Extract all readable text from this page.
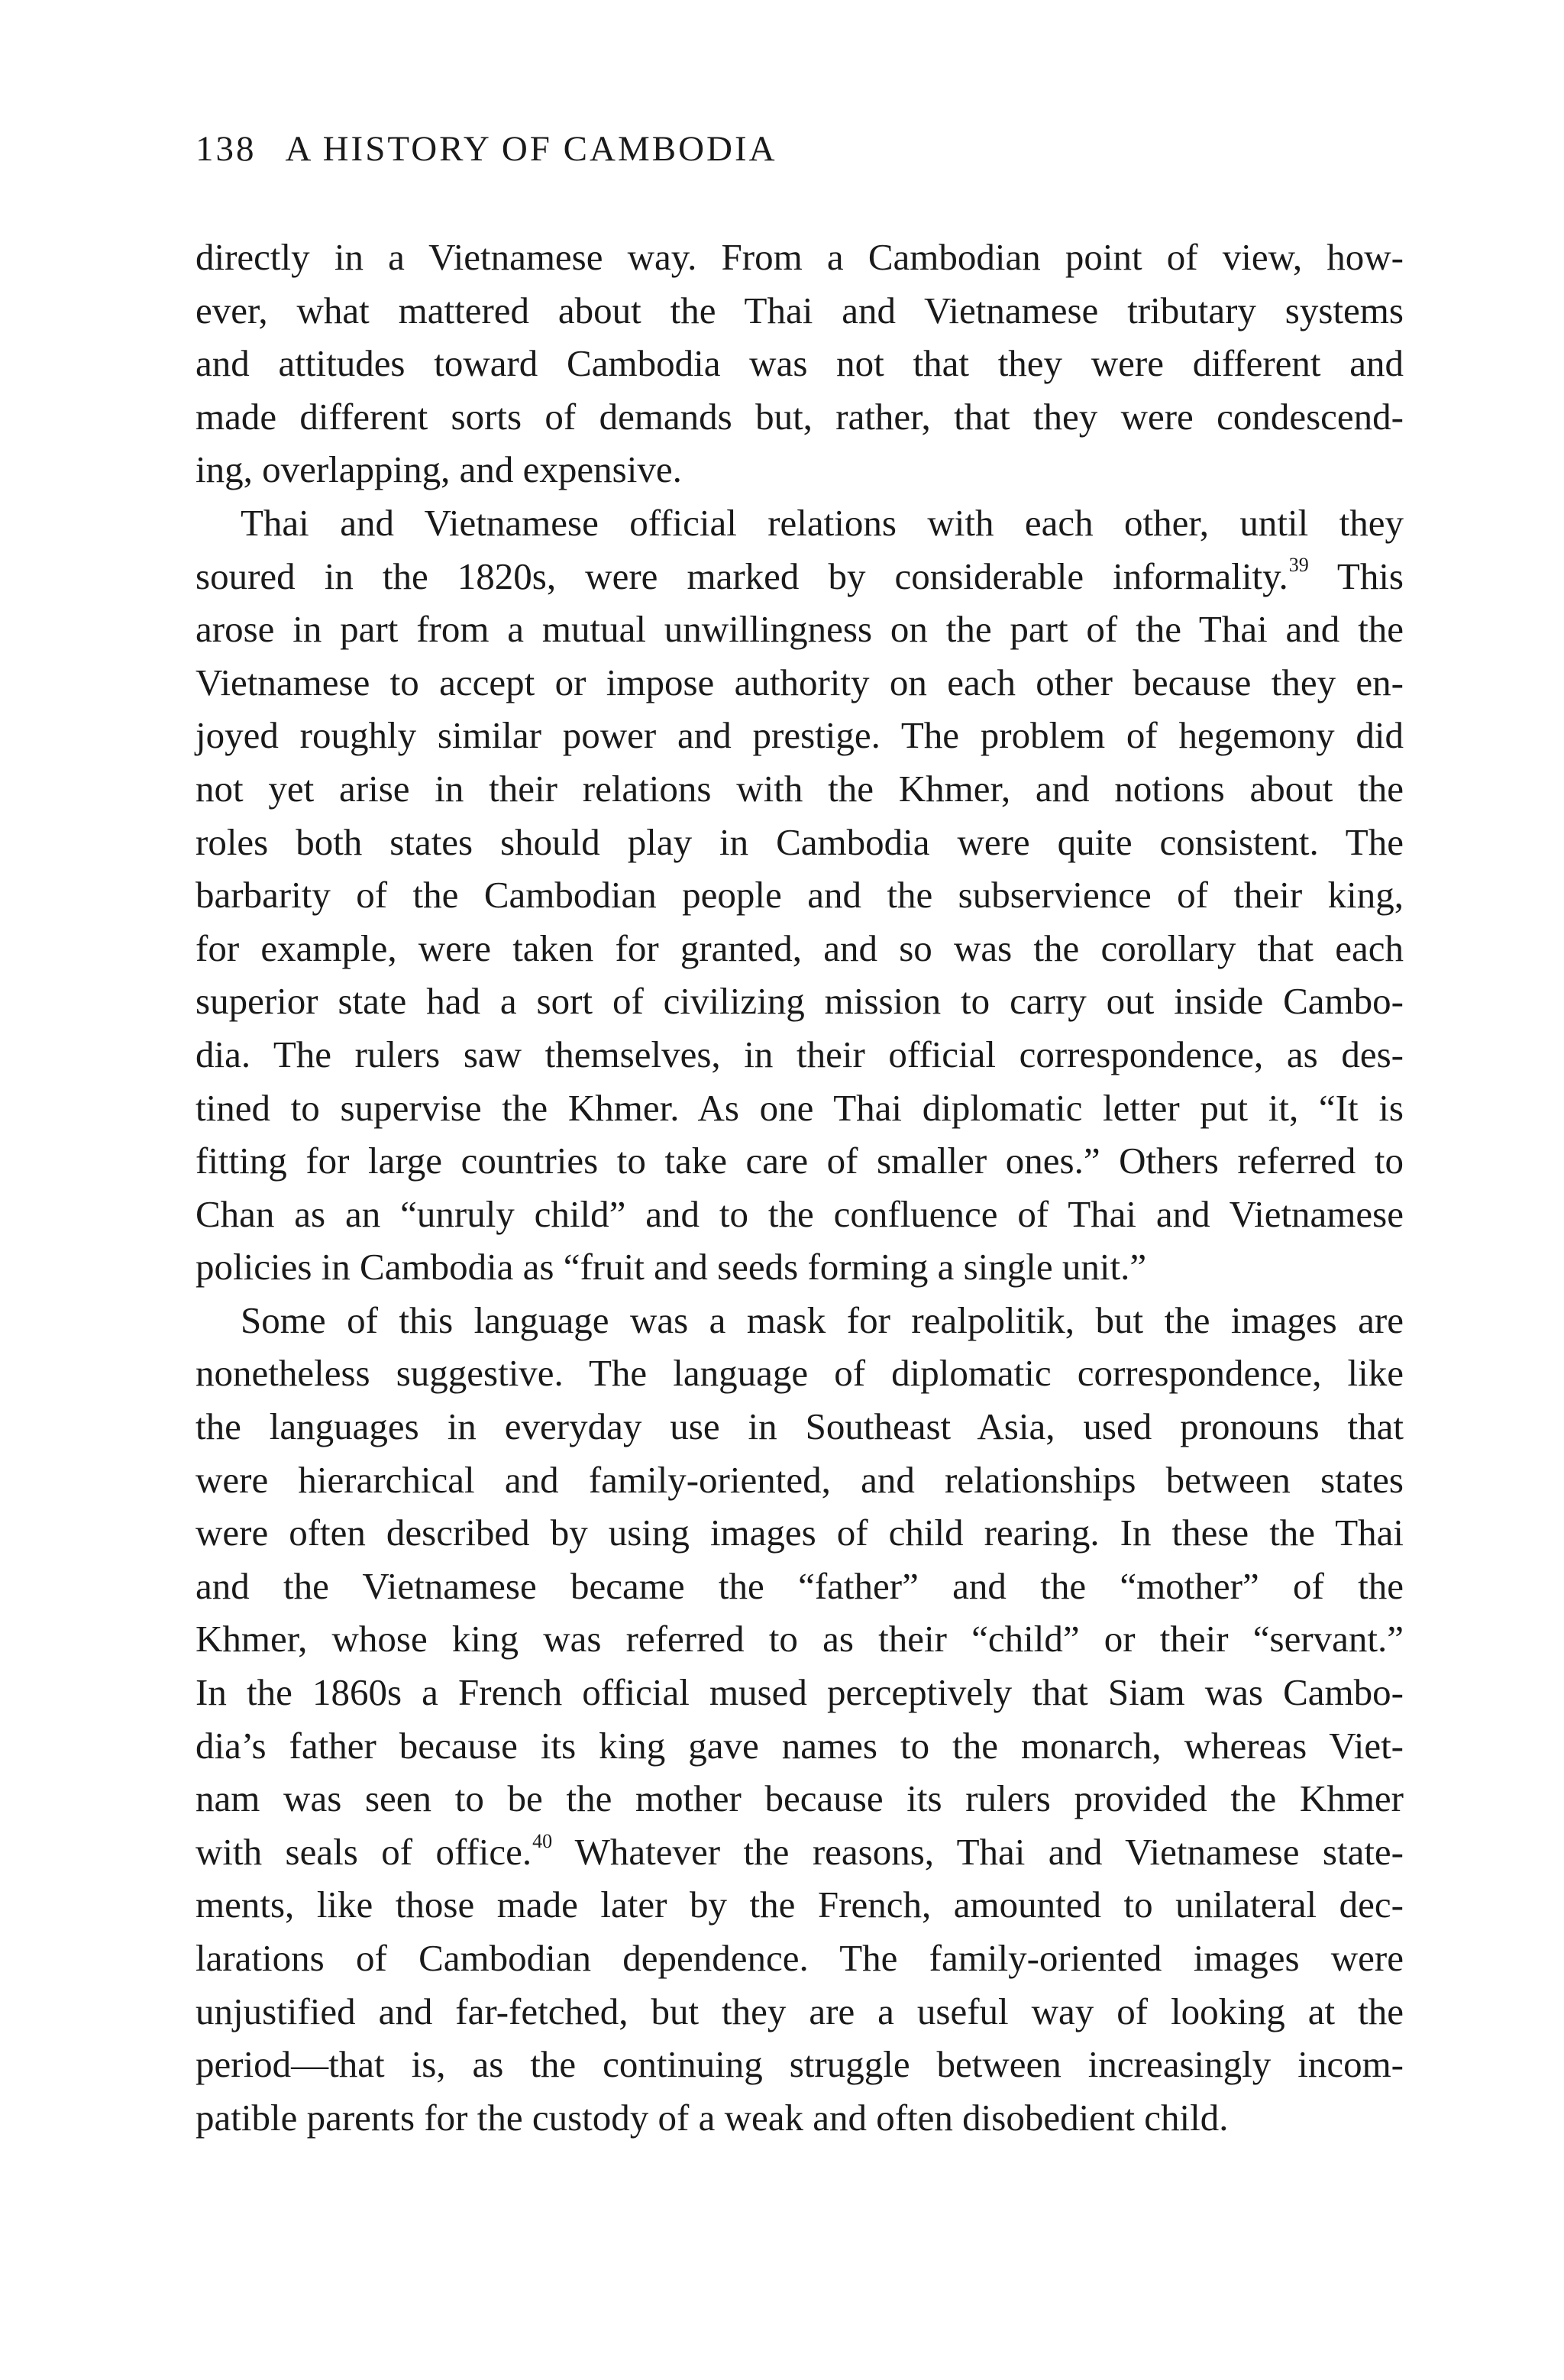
138 A HISTORY OF CAMBODIA
directly in a Vietnamese way. From a Cambodian point of view, how-
ever, what mattered about the Thai and Vietnamese tributary systems
and attitudes toward Cambodia was not that they were different and
made different sorts of demands but, rather, that they were condescend-
ing, overlapping, and expensive.
Thai and Vietnamese official relations with each other, until they
soured in the 1820s, were marked by considerable informality.$^{39}$ This
arose in part from a mutual unwillingness on the part of the Thai and the
Vietnamese to accept or impose authority on each other because they en-
joyed roughly similar power and prestige. The problem of hegemony did
not yet arise in their relations with the Khmer, and notions about the
roles both states should play in Cambodia were quite consistent. The
barbarity of the Cambodian people and the subservience of their king,
for example, were taken for granted, and so was the corollary that each
superior state had a sort of civilizing mission to carry out inside Cambo-
dia. The rulers saw themselves, in their official correspondence, as des-
tined to supervise the Khmer. As one Thai diplomatic letter put it, “It is
fitting for large countries to take care of smaller ones.” Others referred to
Chan as an “unruly child” and to the confluence of Thai and Vietnamese
policies in Cambodia as “fruit and seeds forming a single unit.”
Some of this language was a mask for realpolitik, but the images are
nonetheless suggestive. The language of diplomatic correspondence, like
the languages in everyday use in Southeast Asia, used pronouns that
were hierarchical and family-oriented, and relationships between states
were often described by using images of child rearing. In these the Thai
and the Vietnamese became the “father” and the “mother” of the
Khmer, whose king was referred to as their “child” or their “servant.”
In the 1860s a French official mused perceptively that Siam was Cambo-
dia’s father because its king gave names to the monarch, whereas Viet-
nam was seen to be the mother because its rulers provided the Khmer
with seals of office.$^{40}$ Whatever the reasons, Thai and Vietnamese state-
ments, like those made later by the French, amounted to unilateral dec-
larations of Cambodian dependence. The family-oriented images were
unjustified and far-fetched, but they are a useful way of looking at the
period—that is, as the continuing struggle between increasingly incom-
patible parents for the custody of a weak and often disobedient child.
